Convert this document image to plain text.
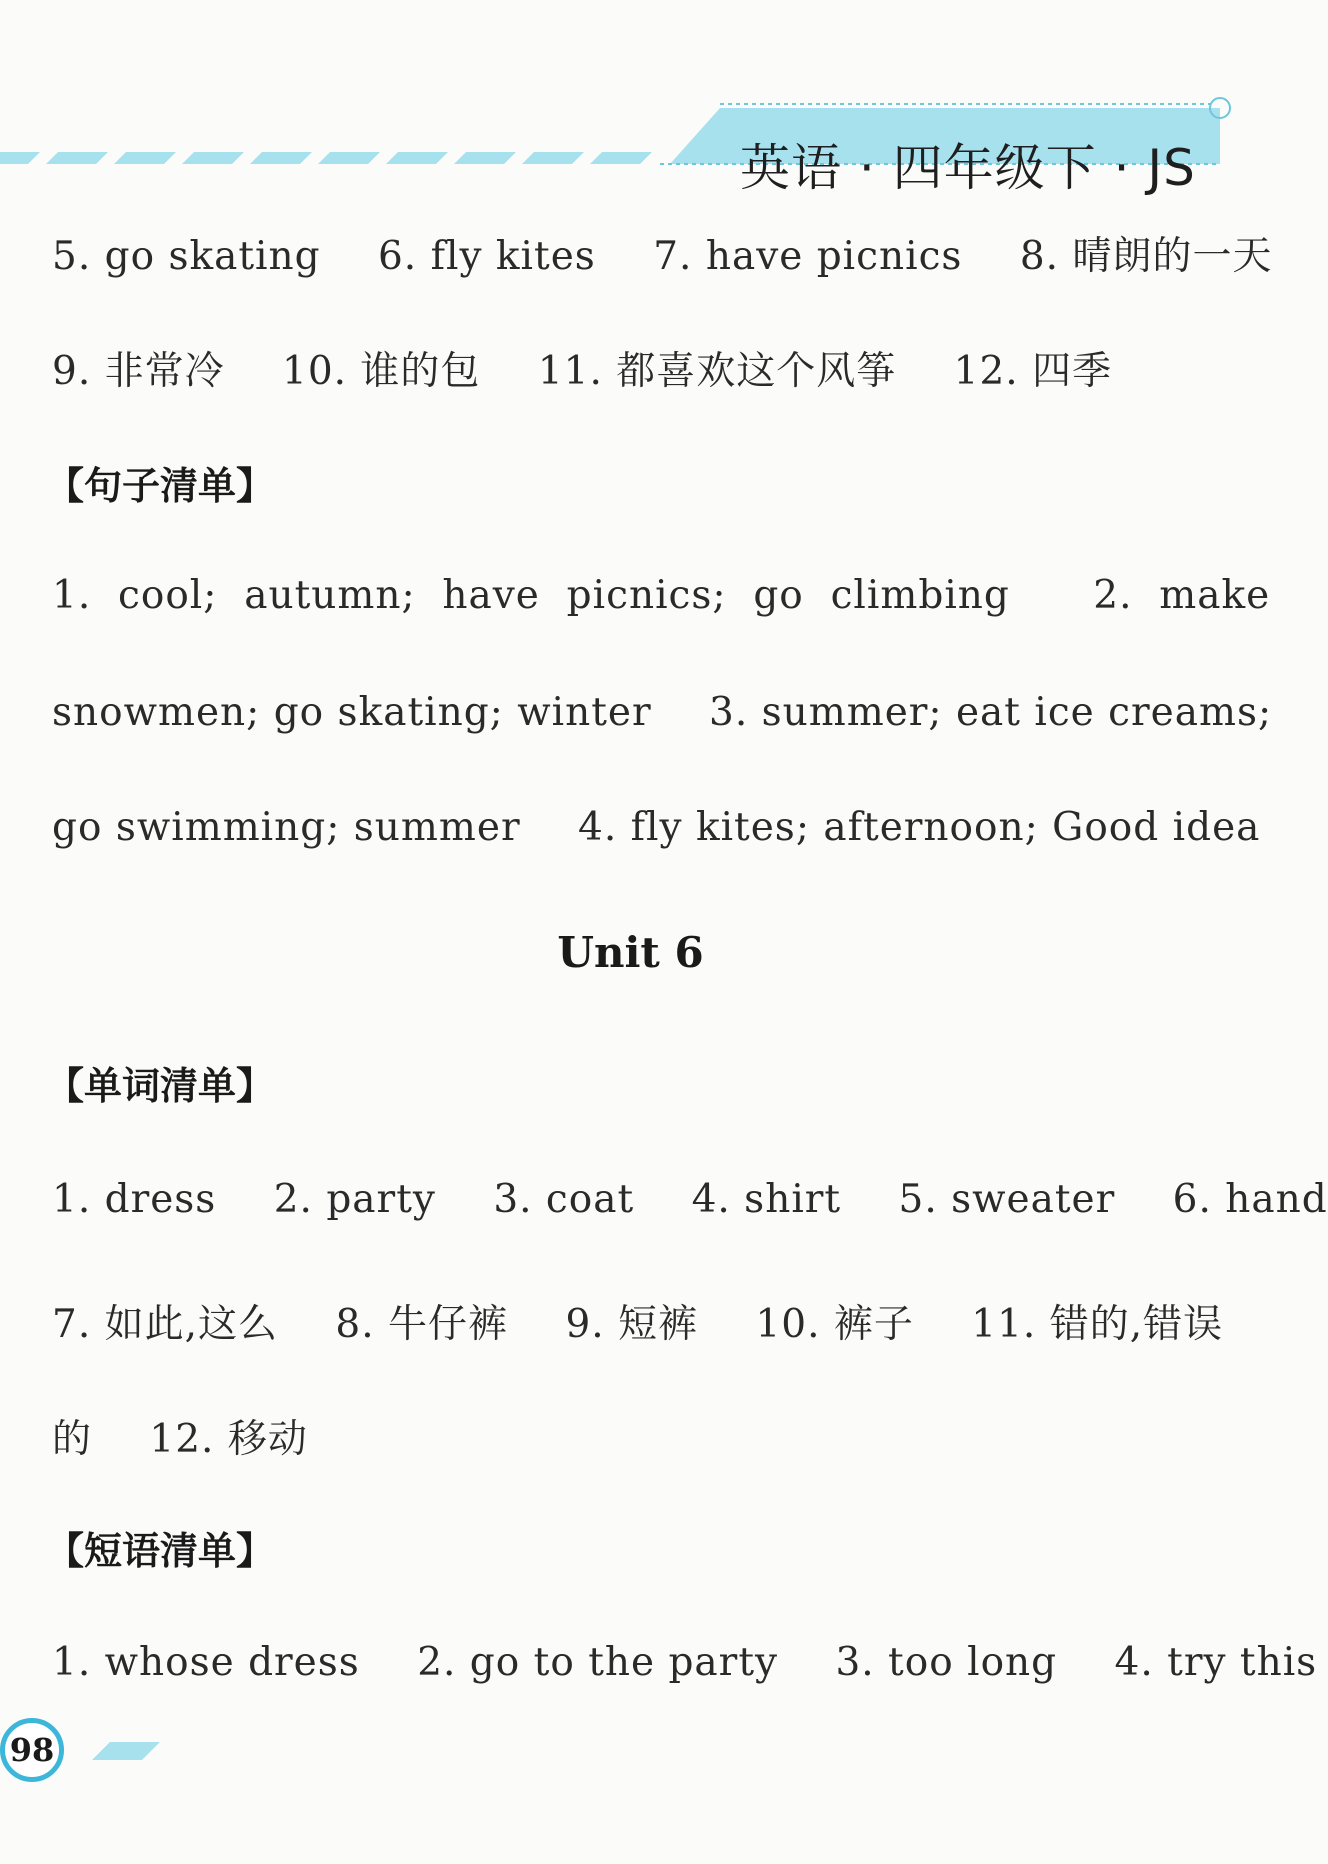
英语 · 四年级下 · JS
5. go skating 6. fly kites 7. have picnics 8. 晴朗的一天
9. 非常冷 10. 谁的包 11. 都喜欢这个风筝 12. 四季
【句子清单】
1.  cool;  autumn;  have  picnics;  go  climbing 2.  make
snowmen; go skating; winter 3. summer; eat ice creams;
go swimming; summer 4. fly kites; afternoon; Good idea
Unit 6
【单词清单】
1. dress 2. party 3. coat 4. shirt 5. sweater 6. hand
7. 如此,这么 8. 牛仔裤 9. 短裤 10. 裤子 11. 错的,错误
的 12. 移动
【短语清单】
1. whose dress 2. go to the party 3. too long 4. try this
98
